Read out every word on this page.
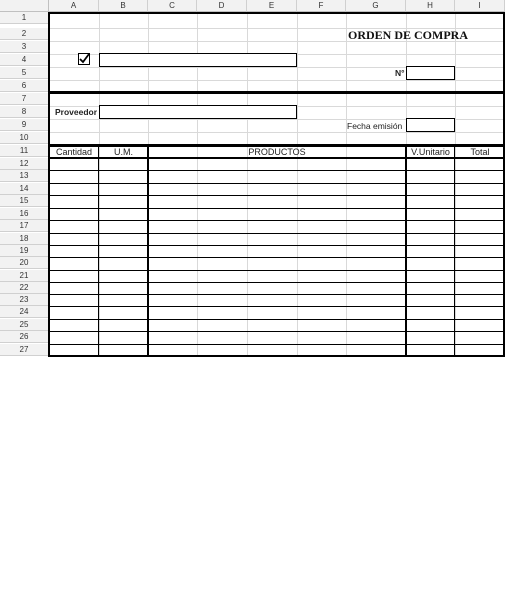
A	B	C	D	E	F	G	H	I
1
2
3
4
5
6
7
8
9
10
11
12
13
14
15
16
17
18
19
20
21
22
23
24
25
26
27
ORDEN DE COMPRA
N°
Proveedor
Fecha emisión
Cantidad	U.M.	PRODUCTOS	V.Unitario	Total
